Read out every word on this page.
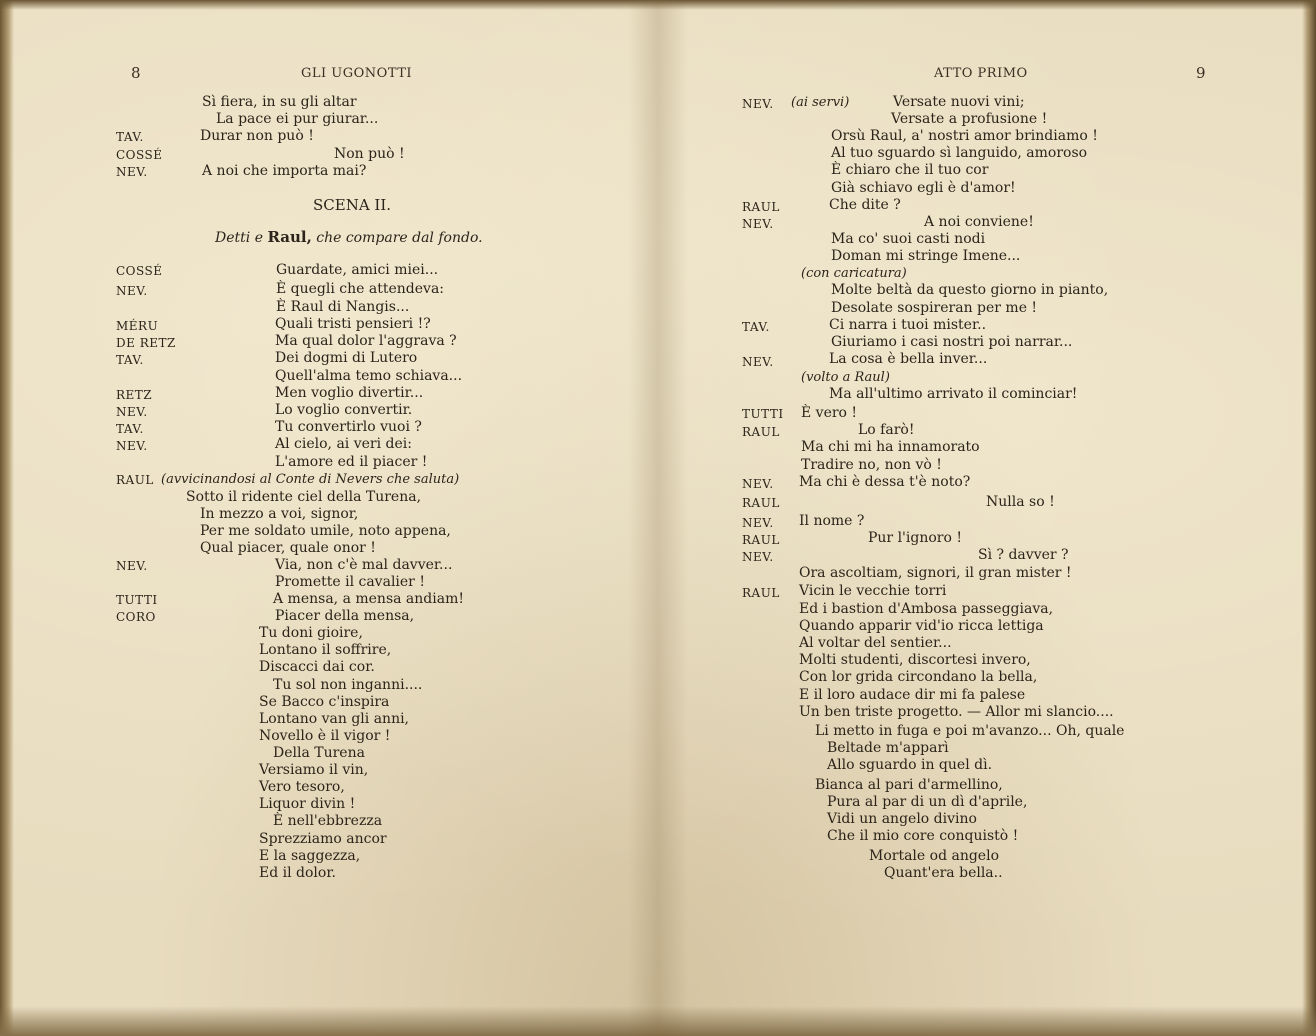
8	GLI UGONOTTI
Sì fiera, in su gli altar
La pace ei pur giurar...
TAV.	Durar non può !
COSSÉ	Non può !
NEV.	A noi che importa mai?
SCENA II.
Detti e Raul, che compare dal fondo.
COSSÉ	Guardate, amici miei...
NEV.	È quegli che attendeva:
È Raul di Nangis...
MÉRU	Quali tristi pensieri !?
DE RETZ	Ma qual dolor l'aggrava ?
TAV.	Dei dogmi di Lutero
Quell'alma temo schiava...
RETZ	Men voglio divertir...
NEV.	Lo voglio convertir.
TAV.	Tu convertirlo vuoi ?
NEV.	Al cielo, ai veri dei:
L'amore ed il piacer !
RAUL (avvicinandosi al Conte di Nevers che saluta)
Sotto il ridente ciel della Turena,
In mezzo a voi, signor,
Per me soldato umile, noto appena,
Qual piacer, quale onor !
NEV.	Via, non c'è mal davver...
Promette il cavalier !
TUTTI	A mensa, a mensa andiam!
CORO	Piacer della mensa,
Tu doni gioire,
Lontano il soffrire,
Discacci dai cor.
Tu sol non inganni....
Se Bacco c'inspira
Lontano van gli anni,
Novello è il vigor !
Della Turena
Versiamo il vin,
Vero tesoro,
Liquor divin !
È nell'ebbrezza
Sprezziamo ancor
E la saggezza,
Ed il dolor.
ATTO PRIMO	9
NEV. (ai servi)	Versate nuovi vini;
Versate a profusione !
Orsù Raul, a' nostri amor brindiamo !
Al tuo sguardo sì languido, amoroso
È chiaro che il tuo cor
Già schiavo egli è d'amor!
RAUL	Che dite ?
NEV.	A noi conviene!
Ma co' suoi casti nodi
Doman mi stringe Imene...
(con caricatura)
Molte beltà da questo giorno in pianto,
Desolate sospireran per me !
TAV.	Ci narra i tuoi mister..
Giuriamo i casi nostri poi narrar...
NEV.	La cosa è bella inver...
(volto a Raul)
Ma all'ultimo arrivato il cominciar!
TUTTI È vero !
RAUL	Lo farò!
Ma chi mi ha innamorato
Tradire no, non vò !
NEV. Ma chi è dessa t'è noto?
RAUL	Nulla so !
NEV. Il nome ?
RAUL	Pur l'ignoro !
NEV.	Sì ? davver ?
Ora ascoltiam, signori, il gran mister !
RAUL Vicin le vecchie torri
Ed i bastion d'Ambosa passeggiava,
Quando apparir vid'io ricca lettiga
Al voltar del sentier...
Molti studenti, discortesi invero,
Con lor grida circondano la bella,
E il loro audace dir mi fa palese
Un ben triste progetto. — Allor mi slancio....
Li metto in fuga e poi m'avanzo... Oh, quale
Beltade m'apparì
Allo sguardo in quel dì.
Bianca al pari d'armellino,
Pura al par di un dì d'aprile,
Vidi un angelo divino
Che il mio core conquistò !
Mortale od angelo
Quant'era bella..
